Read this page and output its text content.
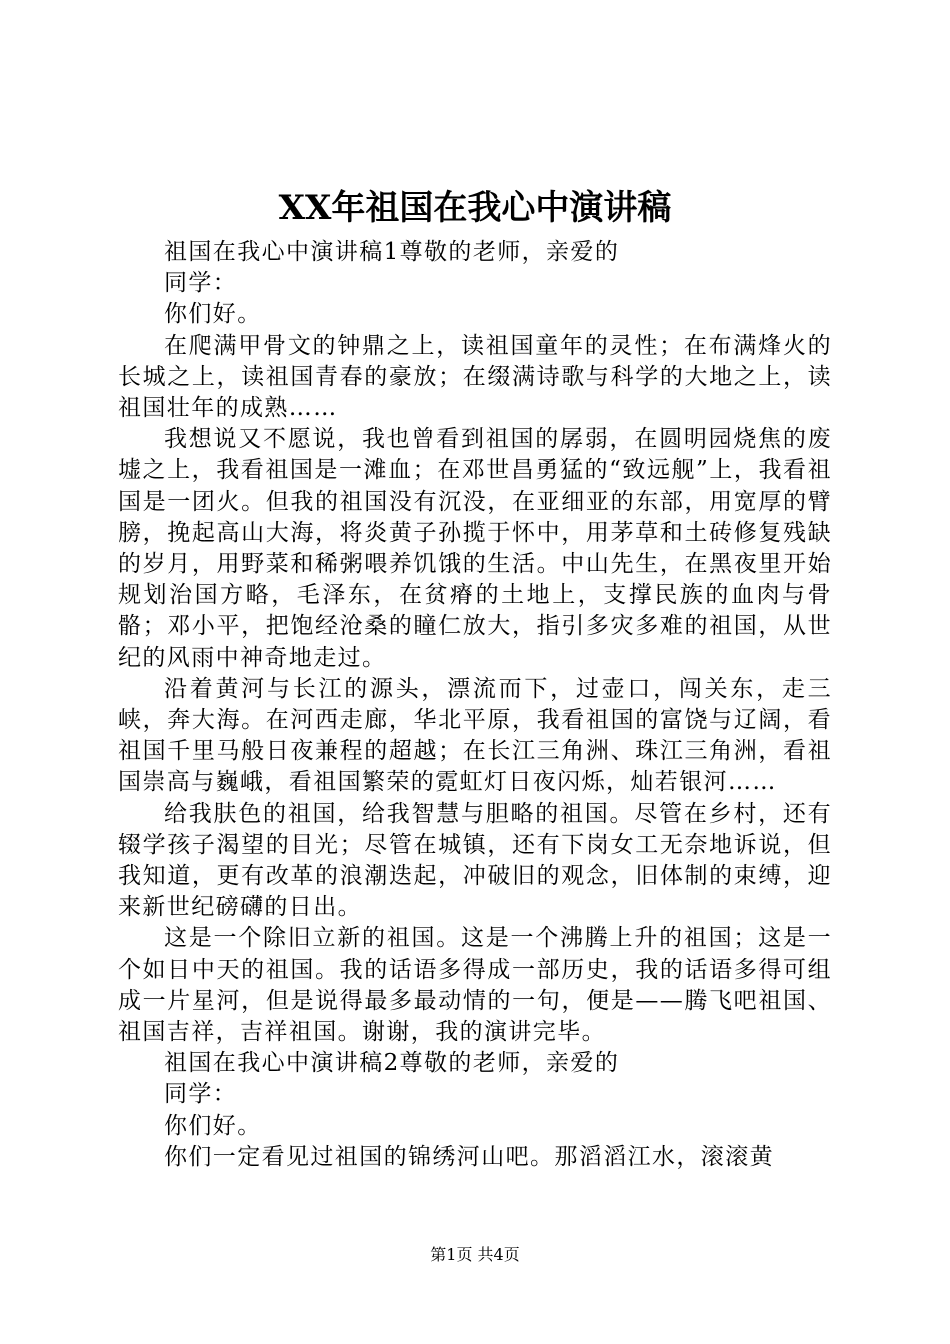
XX年祖国在我心中演讲稿

祖国在我心中演讲稿1尊敬的老师，亲爱的

同学：

你们好。

在爬满甲骨文的钟鼎之上，读祖国童年的灵性；在布满烽火的长城之上，读祖国青春的豪放；在缀满诗歌与科学的大地之上，读祖国壮年的成熟……

我想说又不愿说，我也曾看到祖国的孱弱，在圆明园烧焦的废墟之上，我看祖国是一滩血；在邓世昌勇猛的“致远舰”上，我看祖国是一团火。但我的祖国没有沉没，在亚细亚的东部，用宽厚的臂膀，挽起高山大海，将炎黄子孙揽于怀中，用茅草和土砖修复残缺的岁月，用野菜和稀粥喂养饥饿的生活。中山先生，在黑夜里开始规划治国方略，毛泽东，在贫瘠的土地上，支撑民族的血肉与骨骼；邓小平，把饱经沧桑的瞳仁放大，指引多灾多难的祖国，从世纪的风雨中神奇地走过。

沿着黄河与长江的源头，漂流而下，过壶口，闯关东，走三峡，奔大海。在河西走廊，华北平原，我看祖国的富饶与辽阔，看祖国千里马般日夜兼程的超越；在长江三角洲、珠江三角洲，看祖国崇高与巍峨，看祖国繁荣的霓虹灯日夜闪烁，灿若银河……

给我肤色的祖国，给我智慧与胆略的祖国。尽管在乡村，还有辍学孩子渴望的目光；尽管在城镇，还有下岗女工无奈地诉说，但我知道，更有改革的浪潮迭起，冲破旧的观念，旧体制的束缚，迎来新世纪磅礴的日出。

这是一个除旧立新的祖国。这是一个沸腾上升的祖国；这是一个如日中天的祖国。我的话语多得成一部历史，我的话语多得可组成一片星河，但是说得最多最动情的一句，便是——腾飞吧祖国、祖国吉祥，吉祥祖国。谢谢，我的演讲完毕。

祖国在我心中演讲稿2尊敬的老师，亲爱的

同学：

你们好。

你们一定看见过祖国的锦绣河山吧。那滔滔江水，滚滚黄

第1页 共4页
